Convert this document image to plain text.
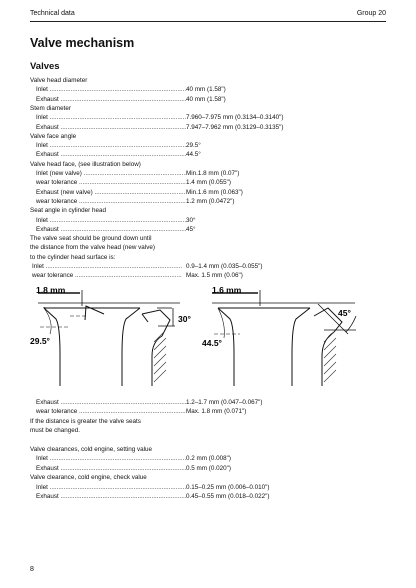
Technical data	Group 20
Valve mechanism
Valves
Valve head diameter
Inlet .....	40 mm (1.58")
Exhaust .....	40 mm (1.58")
Stem diameter
Inlet .....	7.960–7.975 mm (0.3134–0.3140")
Exhaust .....	7.947–7.962 mm (0.3129–0.3135")
Valve face angle
Inlet .....	29.5°
Exhaust .....	44.5°
Valve head face, (see illustration below)
Inlet (new valve) .....	Min.1.8 mm (0.07")
wear tolerance .....	1.4 mm (0.055")
Exhaust (new valve) .....	Min.1.6 mm (0.063")
wear tolerance .....	1.2 mm (0.0472")
Seat angle in cylinder head
Inlet .....	30°
Exhaust .....	45°
The valve seat should be ground down until
the distance from the valve head (new valve)
to the cylinder head surface is:
Inlet .....	0.9–1.4 mm (0.035–0.055")
wear tolerance .....	Max. 1.5 mm (0.06")
1.8 mm
30°
29.5°
1.6 mm
45°
44.5°
Exhaust .....	1.2–1.7 mm (0.047–0.067")
wear tolerance .....	Max. 1.8 mm (0.071")
If the distance is greater the valve seats
must be changed.
Valve clearances, cold engine, setting value
Inlet .....	0.2 mm (0.008")
Exhaust .....	0.5 mm (0.020")
Valve clearance, cold engine, check value
Inlet .....	0.15–0.25 mm (0.006–0.010")
Exhaust .....	0.45–0.55 mm (0.018–0.022")
8
